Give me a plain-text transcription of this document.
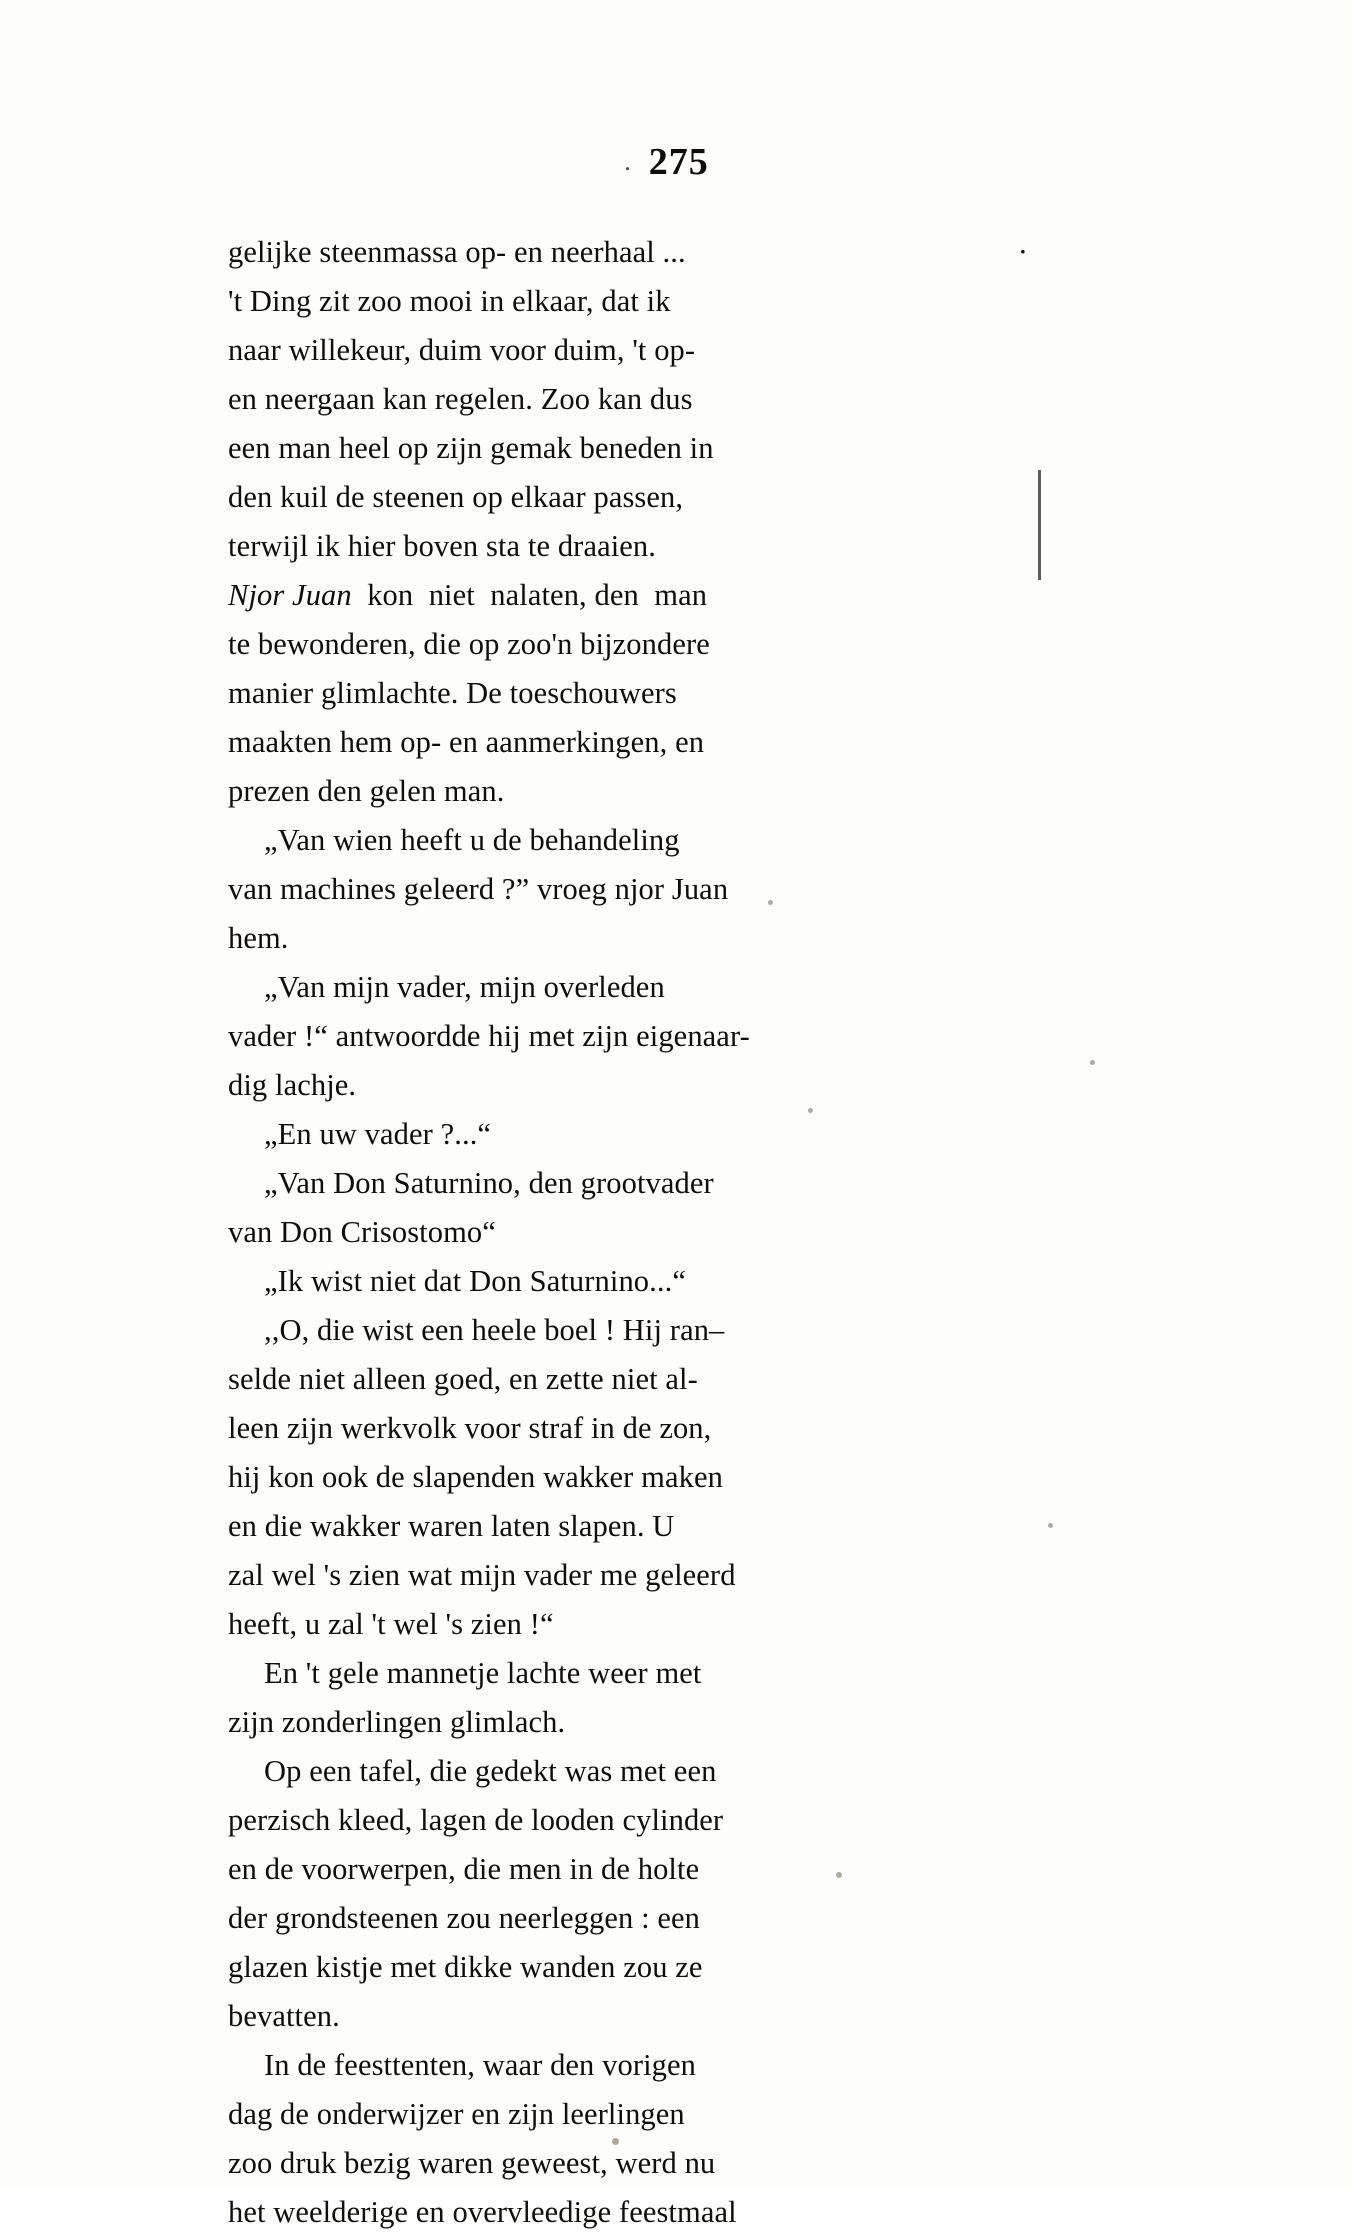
. 275

gelijke steenmassa op- en neerhaal ...	·
't Ding zit zoo mooi in elkaar, dat ik
naar willekeur, duim voor duim, 't op-
en neergaan kan regelen. Zoo kan dus
een man heel op zijn gemak beneden in
den kuil de steenen op elkaar passen,
terwijl ik hier boven sta te draaien.

Njor Juan  kon  niet  nalaten, den  man
te bewonderen, die op zoo'n bijzondere
manier glimlachte. De toeschouwers
maakten hem op- en aanmerkingen, en
prezen den gelen man.

„Van wien heeft u de behandeling
van machines geleerd ?” vroeg njor Juan
hem.

„Van mijn vader, mijn overleden
vader !“ antwoordde hij met zijn eigenaar-
dig lachje.

„En uw vader ?...“

„Van Don Saturnino, den grootvader
van Don Crisostomo“

„Ik wist niet dat Don Saturnino...“

,,O, die wist een heele boel ! Hij ran–
selde niet alleen goed, en zette niet al-
leen zijn werkvolk voor straf in de zon,
hij kon ook de slapenden wakker maken
en die wakker waren laten slapen. U
zal wel 's zien wat mijn vader me geleerd
heeft, u zal 't wel 's zien !“

En 't gele mannetje lachte weer met
zijn zonderlingen glimlach.

Op een tafel, die gedekt was met een
perzisch kleed, lagen de looden cylinder
en de voorwerpen, die men in de holte
der grondsteenen zou neerleggen : een
glazen kistje met dikke wanden zou ze
bevatten.

In de feesttenten, waar den vorigen
dag de onderwijzer en zijn leerlingen
zoo druk bezig waren geweest, werd nu
het weelderige en overvleedige feestmaal
